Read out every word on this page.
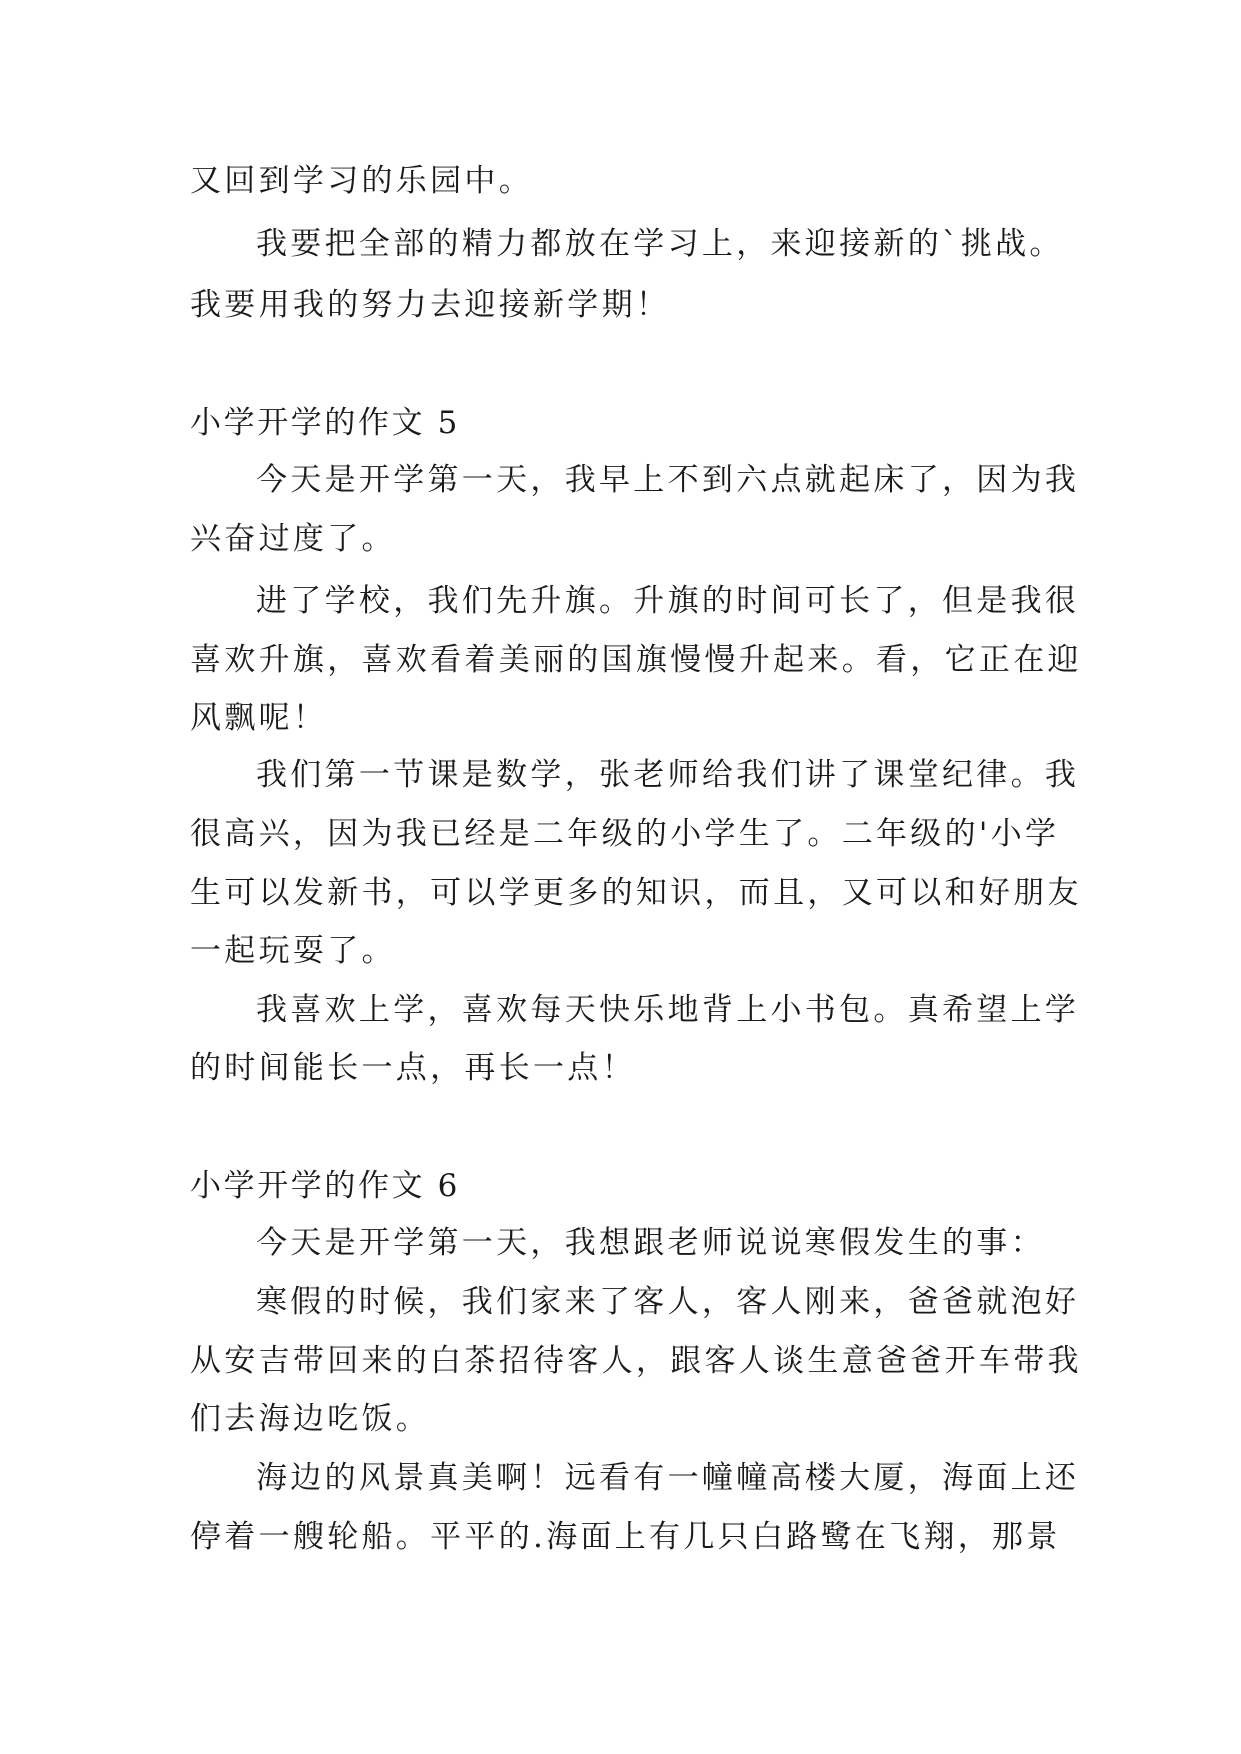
又回到学习的乐园中。
我要把全部的精力都放在学习上，来迎接新的`挑战。
我要用我的努力去迎接新学期！
小学开学的作文 5
今天是开学第一天，我早上不到六点就起床了，因为我
兴奋过度了。
进了学校，我们先升旗。升旗的时间可长了，但是我很
喜欢升旗，喜欢看着美丽的国旗慢慢升起来。看，它正在迎
风飘呢！
我们第一节课是数学，张老师给我们讲了课堂纪律。我
很高兴，因为我已经是二年级的小学生了。二年级的'小学
生可以发新书，可以学更多的知识，而且，又可以和好朋友
一起玩耍了。
我喜欢上学，喜欢每天快乐地背上小书包。真希望上学
的时间能长一点，再长一点！
小学开学的作文 6
今天是开学第一天，我想跟老师说说寒假发生的事：
寒假的时候，我们家来了客人，客人刚来，爸爸就泡好
从安吉带回来的白茶招待客人，跟客人谈生意爸爸开车带我
们去海边吃饭。
海边的风景真美啊！远看有一幢幢高楼大厦，海面上还
停着一艘轮船。平平的.海面上有几只白路鹭在飞翔，那景
